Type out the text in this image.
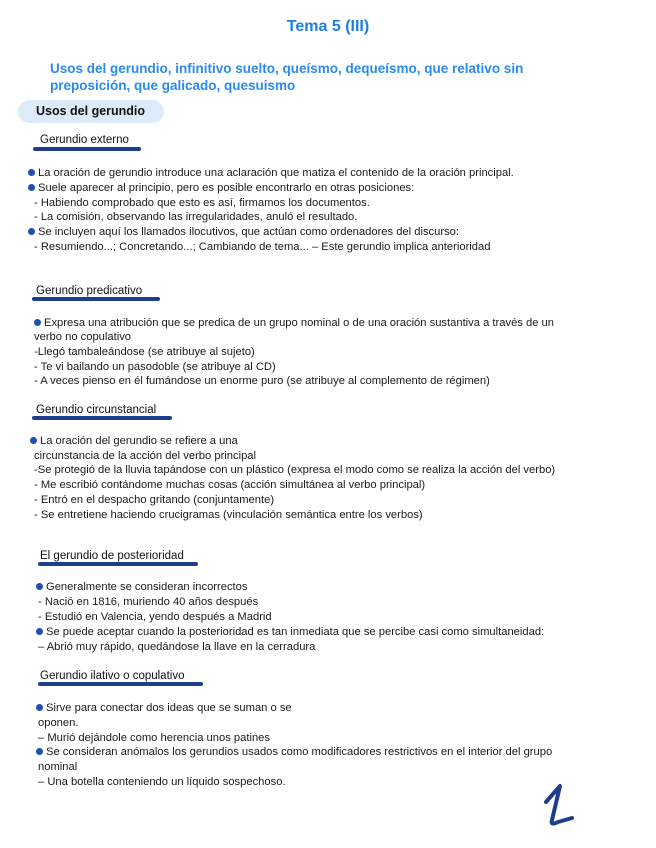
Tema 5 (III)
Usos del gerundio, infinitivo suelto, queísmo, dequeísmo, que relativo sin
preposición, que galicado, quesuismo
Usos del gerundio
Gerundio externo
La oración de gerundio introduce una aclaración que matiza el contenido de la oración principal.
Suele aparecer al principio, pero es posible encontrarlo en otras posiciones:
- Habiendo comprobado que esto es así, firmamos los documentos.
- La comisión, observando las irregularidades, anuló el resultado.
Se incluyen aquí los llamados ilocutivos, que actúan como ordenadores del discurso:
- Resumiendo...; Concretando...; Cambiando de tema... – Este gerundio implica anterioridad
Gerundio predicativo
Expresa una atribución que se predica de un grupo nominal o de una oración sustantiva a través de un
verbo no copulativo
-Llegó tambaleándose (se atribuye al sujeto)
- Te vi bailando un pasodoble (se atribuye al CD)
- A veces pienso en él fumándose un enorme puro (se atribuye al complemento de régimen)
Gerundio circunstancial
La oración del gerundio se refiere a una
circunstancia de la acción del verbo principal
-Se protegió de la lluvia tapándose con un plástico (expresa el modo como se realiza la acción del verbo)
- Me escribió contándome muchas cosas (acción simultánea al verbo principal)
- Entró en el despacho gritando (conjuntamente)
- Se entretiene haciendo crucigramas (vinculación semántica entre los verbos)
El gerundio de posterioridad
Generalmente se consideran incorrectos
- Nació en 1816, muriendo 40 años después
- Estudió en Valencia, yendo después a Madrid
Se puede aceptar cuando la posterioridad es tan inmediata que se percibe casi como simultaneidad:
– Abrió muy rápido, quedándose la llave en la cerradura
Gerundio ilativo o copulativo
Sirve para conectar dos ideas que se suman o se
oponen.
– Murió dejándole como herencia unos patines
Se consideran anómalos los gerundios usados como modificadores restrictivos en el interior del grupo
nominal
– Una botella conteniendo un líquido sospechoso.
